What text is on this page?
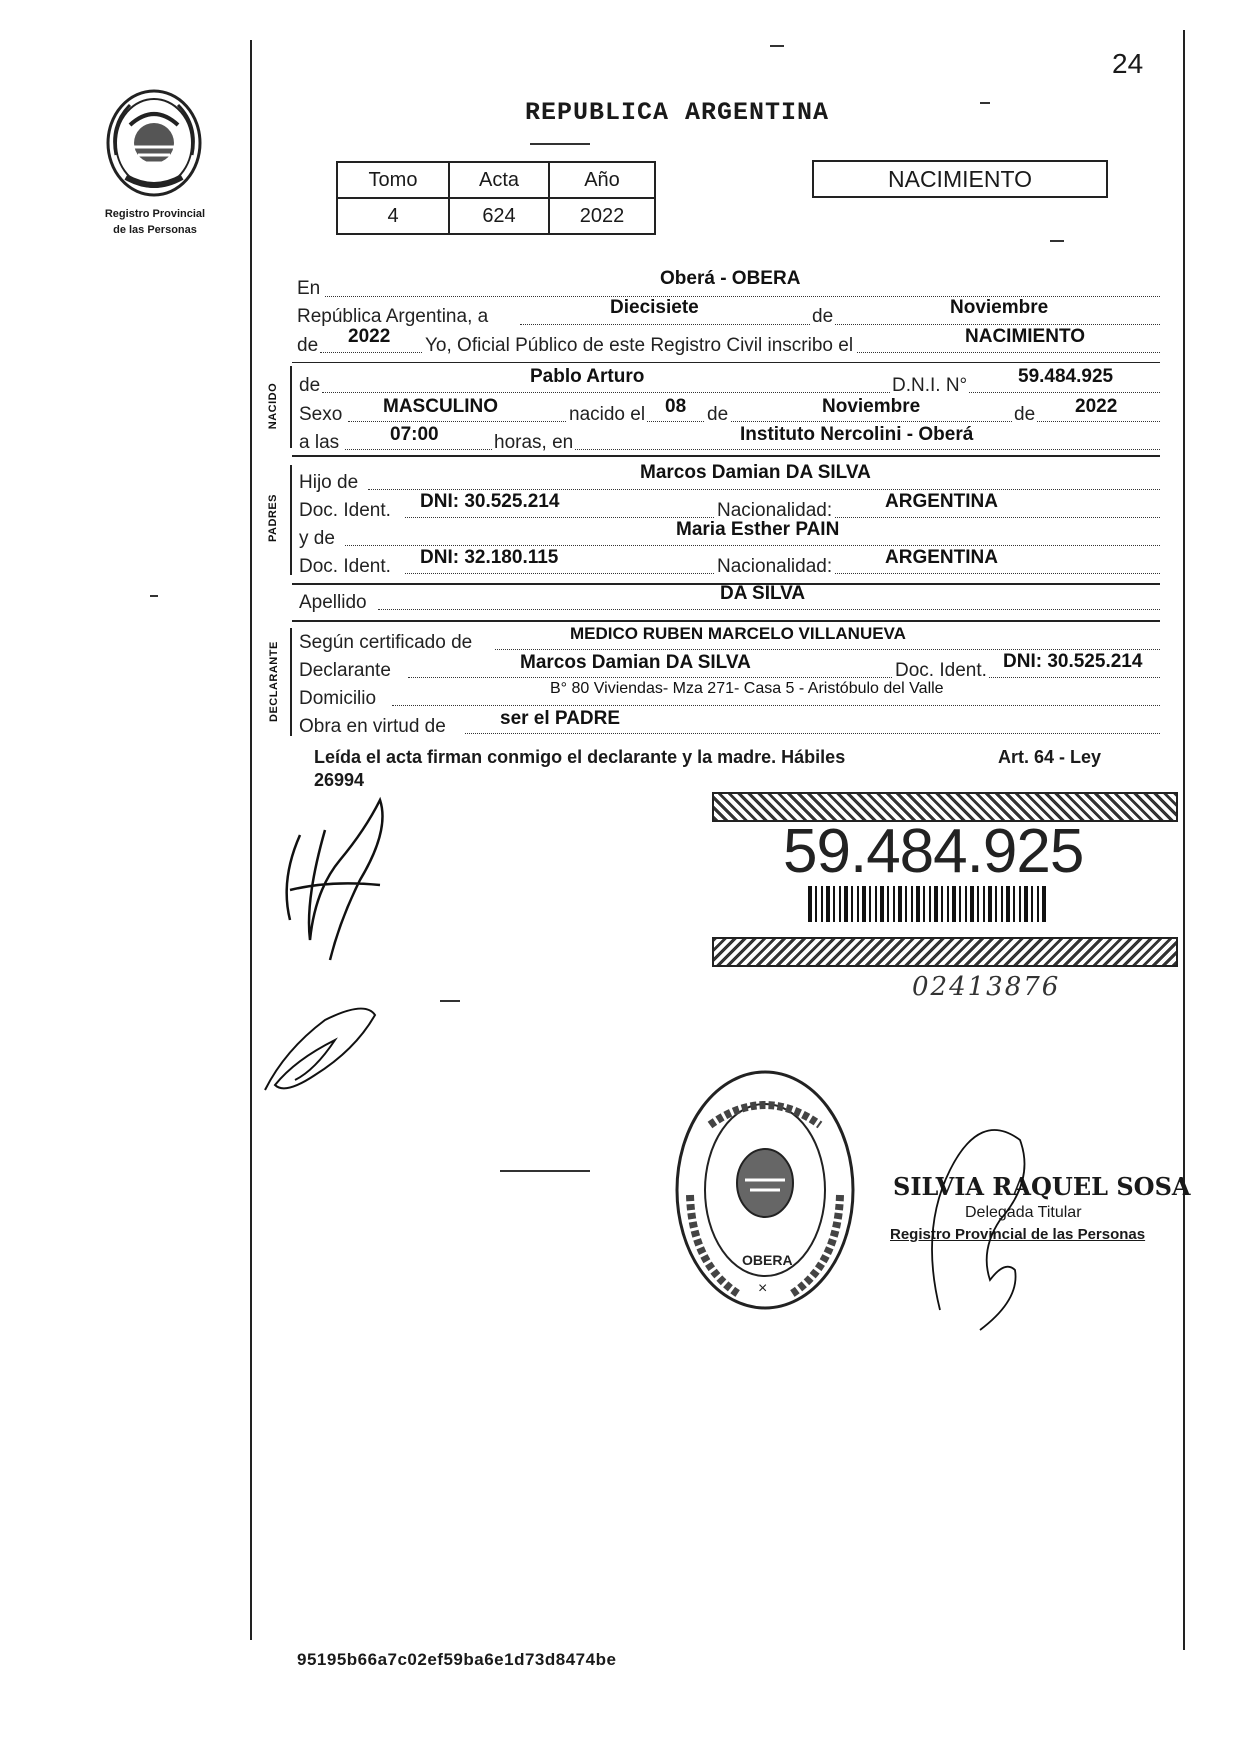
24
Registro Provincial
de las Personas
REPUBLICA ARGENTINA
Tomo	Acta	Año
4	624	2022
NACIMIENTO
En	Oberá - OBERA
República Argentina, a	Diecisiete	de	Noviembre
de 2022 Yo, Oficial Público de este Registro Civil inscribo el	NACIMIENTO
NACIDO de	Pablo Arturo	D.N.I. N°	59.484.925
Sexo MASCULINO	nacido el 08 de	Noviembre	de 2022
a las	07:00	horas, en	Instituto Nercolini - Oberá
PADRES
Hijo de	Marcos Damian DA SILVA
Doc. Ident. DNI: 30.525.214	Nacionalidad:	ARGENTINA
y de	Maria Esther PAIN
Doc. Ident. DNI: 32.180.115	Nacionalidad:	ARGENTINA
Apellido	DA SILVA
DECLARANTE Según certificado de	MEDICO RUBEN MARCELO VILLANUEVA
Declarante	Marcos Damian DA SILVA	Doc. Ident. DNI: 30.525.214
Domicilio	B° 80 Viviendas- Mza 271- Casa 5 - Aristóbulo del Valle
Obra en virtud de	ser el PADRE
Leída el acta firman conmigo el declarante y la madre. Hábiles	Art. 64 - Ley
26994
59.484.925
02413876
OBERA
×
SILVIA RAQUEL SOSA
Delegada Titular
Registro Provincial de las Personas
95195b66a7c02ef59ba6e1d73d8474be
